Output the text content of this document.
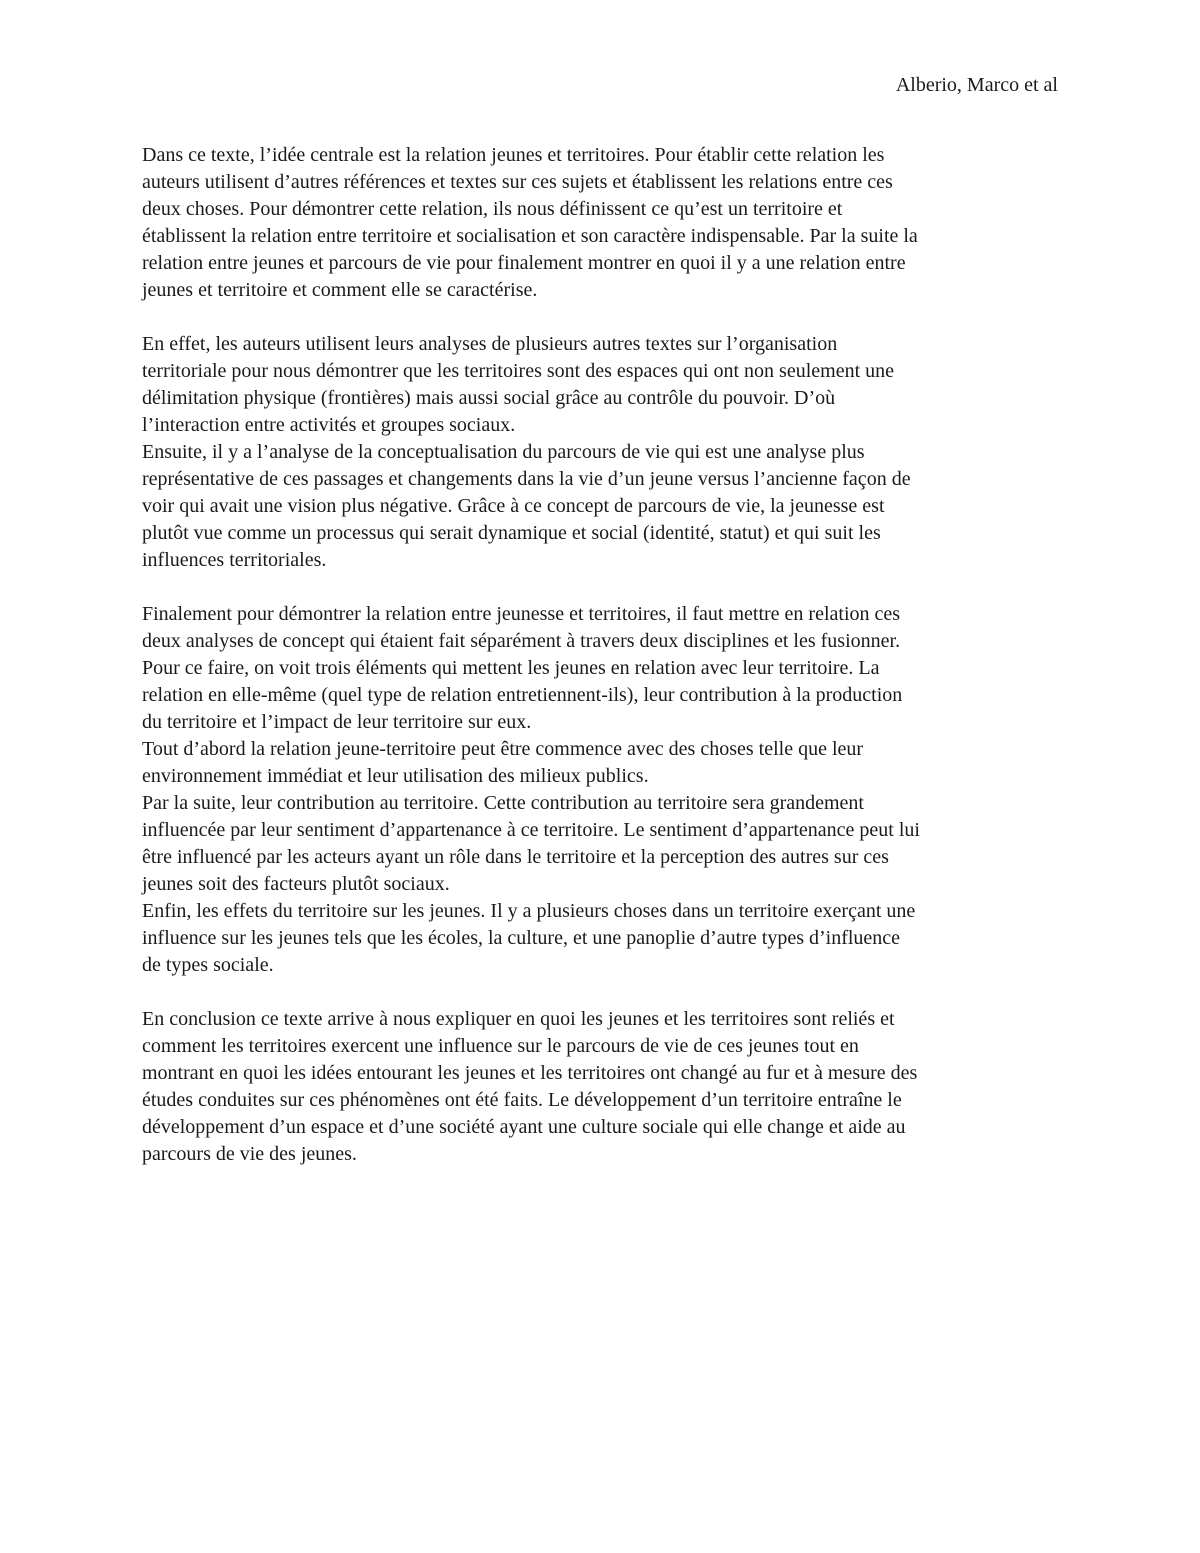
Alberio, Marco et al

Dans ce texte, l’idée centrale est la relation jeunes et territoires. Pour établir cette relation les
auteurs utilisent d’autres références et textes sur ces sujets et établissent les relations entre ces
deux choses. Pour démontrer cette relation, ils nous définissent ce qu’est un territoire et
établissent la relation entre territoire et socialisation et son caractère indispensable. Par la suite la
relation entre jeunes et parcours de vie pour finalement montrer en quoi il y a une relation entre
jeunes et territoire et comment elle se caractérise.

En effet, les auteurs utilisent leurs analyses de plusieurs autres textes sur l’organisation
territoriale pour nous démontrer que les territoires sont des espaces qui ont non seulement une
délimitation physique (frontières) mais aussi social grâce au contrôle du pouvoir. D’où
l’interaction entre activités et groupes sociaux.

Ensuite, il y a l’analyse de la conceptualisation du parcours de vie qui est une analyse plus
représentative de ces passages et changements dans la vie d’un jeune versus l’ancienne façon de
voir qui avait une vision plus négative. Grâce à ce concept de parcours de vie, la jeunesse est
plutôt vue comme un processus qui serait dynamique et social (identité, statut) et qui suit les
influences territoriales.

Finalement pour démontrer la relation entre jeunesse et territoires, il faut mettre en relation ces
deux analyses de concept qui étaient fait séparément à travers deux disciplines et les fusionner.
Pour ce faire, on voit trois éléments qui mettent les jeunes en relation avec leur territoire. La
relation en elle-même (quel type de relation entretiennent-ils), leur contribution à la production
du territoire et l’impact de leur territoire sur eux.

Tout d’abord la relation jeune-territoire peut être commence avec des choses telle que leur
environnement immédiat et leur utilisation des milieux publics.

Par la suite, leur contribution au territoire. Cette contribution au territoire sera grandement
influencée par leur sentiment d’appartenance à ce territoire. Le sentiment d’appartenance peut lui
être influencé par les acteurs ayant un rôle dans le territoire et la perception des autres sur ces
jeunes soit des facteurs plutôt sociaux.

Enfin, les effets du territoire sur les jeunes. Il y a plusieurs choses dans un territoire exerçant une
influence sur les jeunes tels que les écoles, la culture, et une panoplie d’autre types d’influence
de types sociale.

En conclusion ce texte arrive à nous expliquer en quoi les jeunes et les territoires sont reliés et
comment les territoires exercent une influence sur le parcours de vie de ces jeunes tout en
montrant en quoi les idées entourant les jeunes et les territoires ont changé au fur et à mesure des
études conduites sur ces phénomènes ont été faits. Le développement d’un territoire entraîne le
développement d’un espace et d’une société ayant une culture sociale qui elle change et aide au
parcours de vie des jeunes.
